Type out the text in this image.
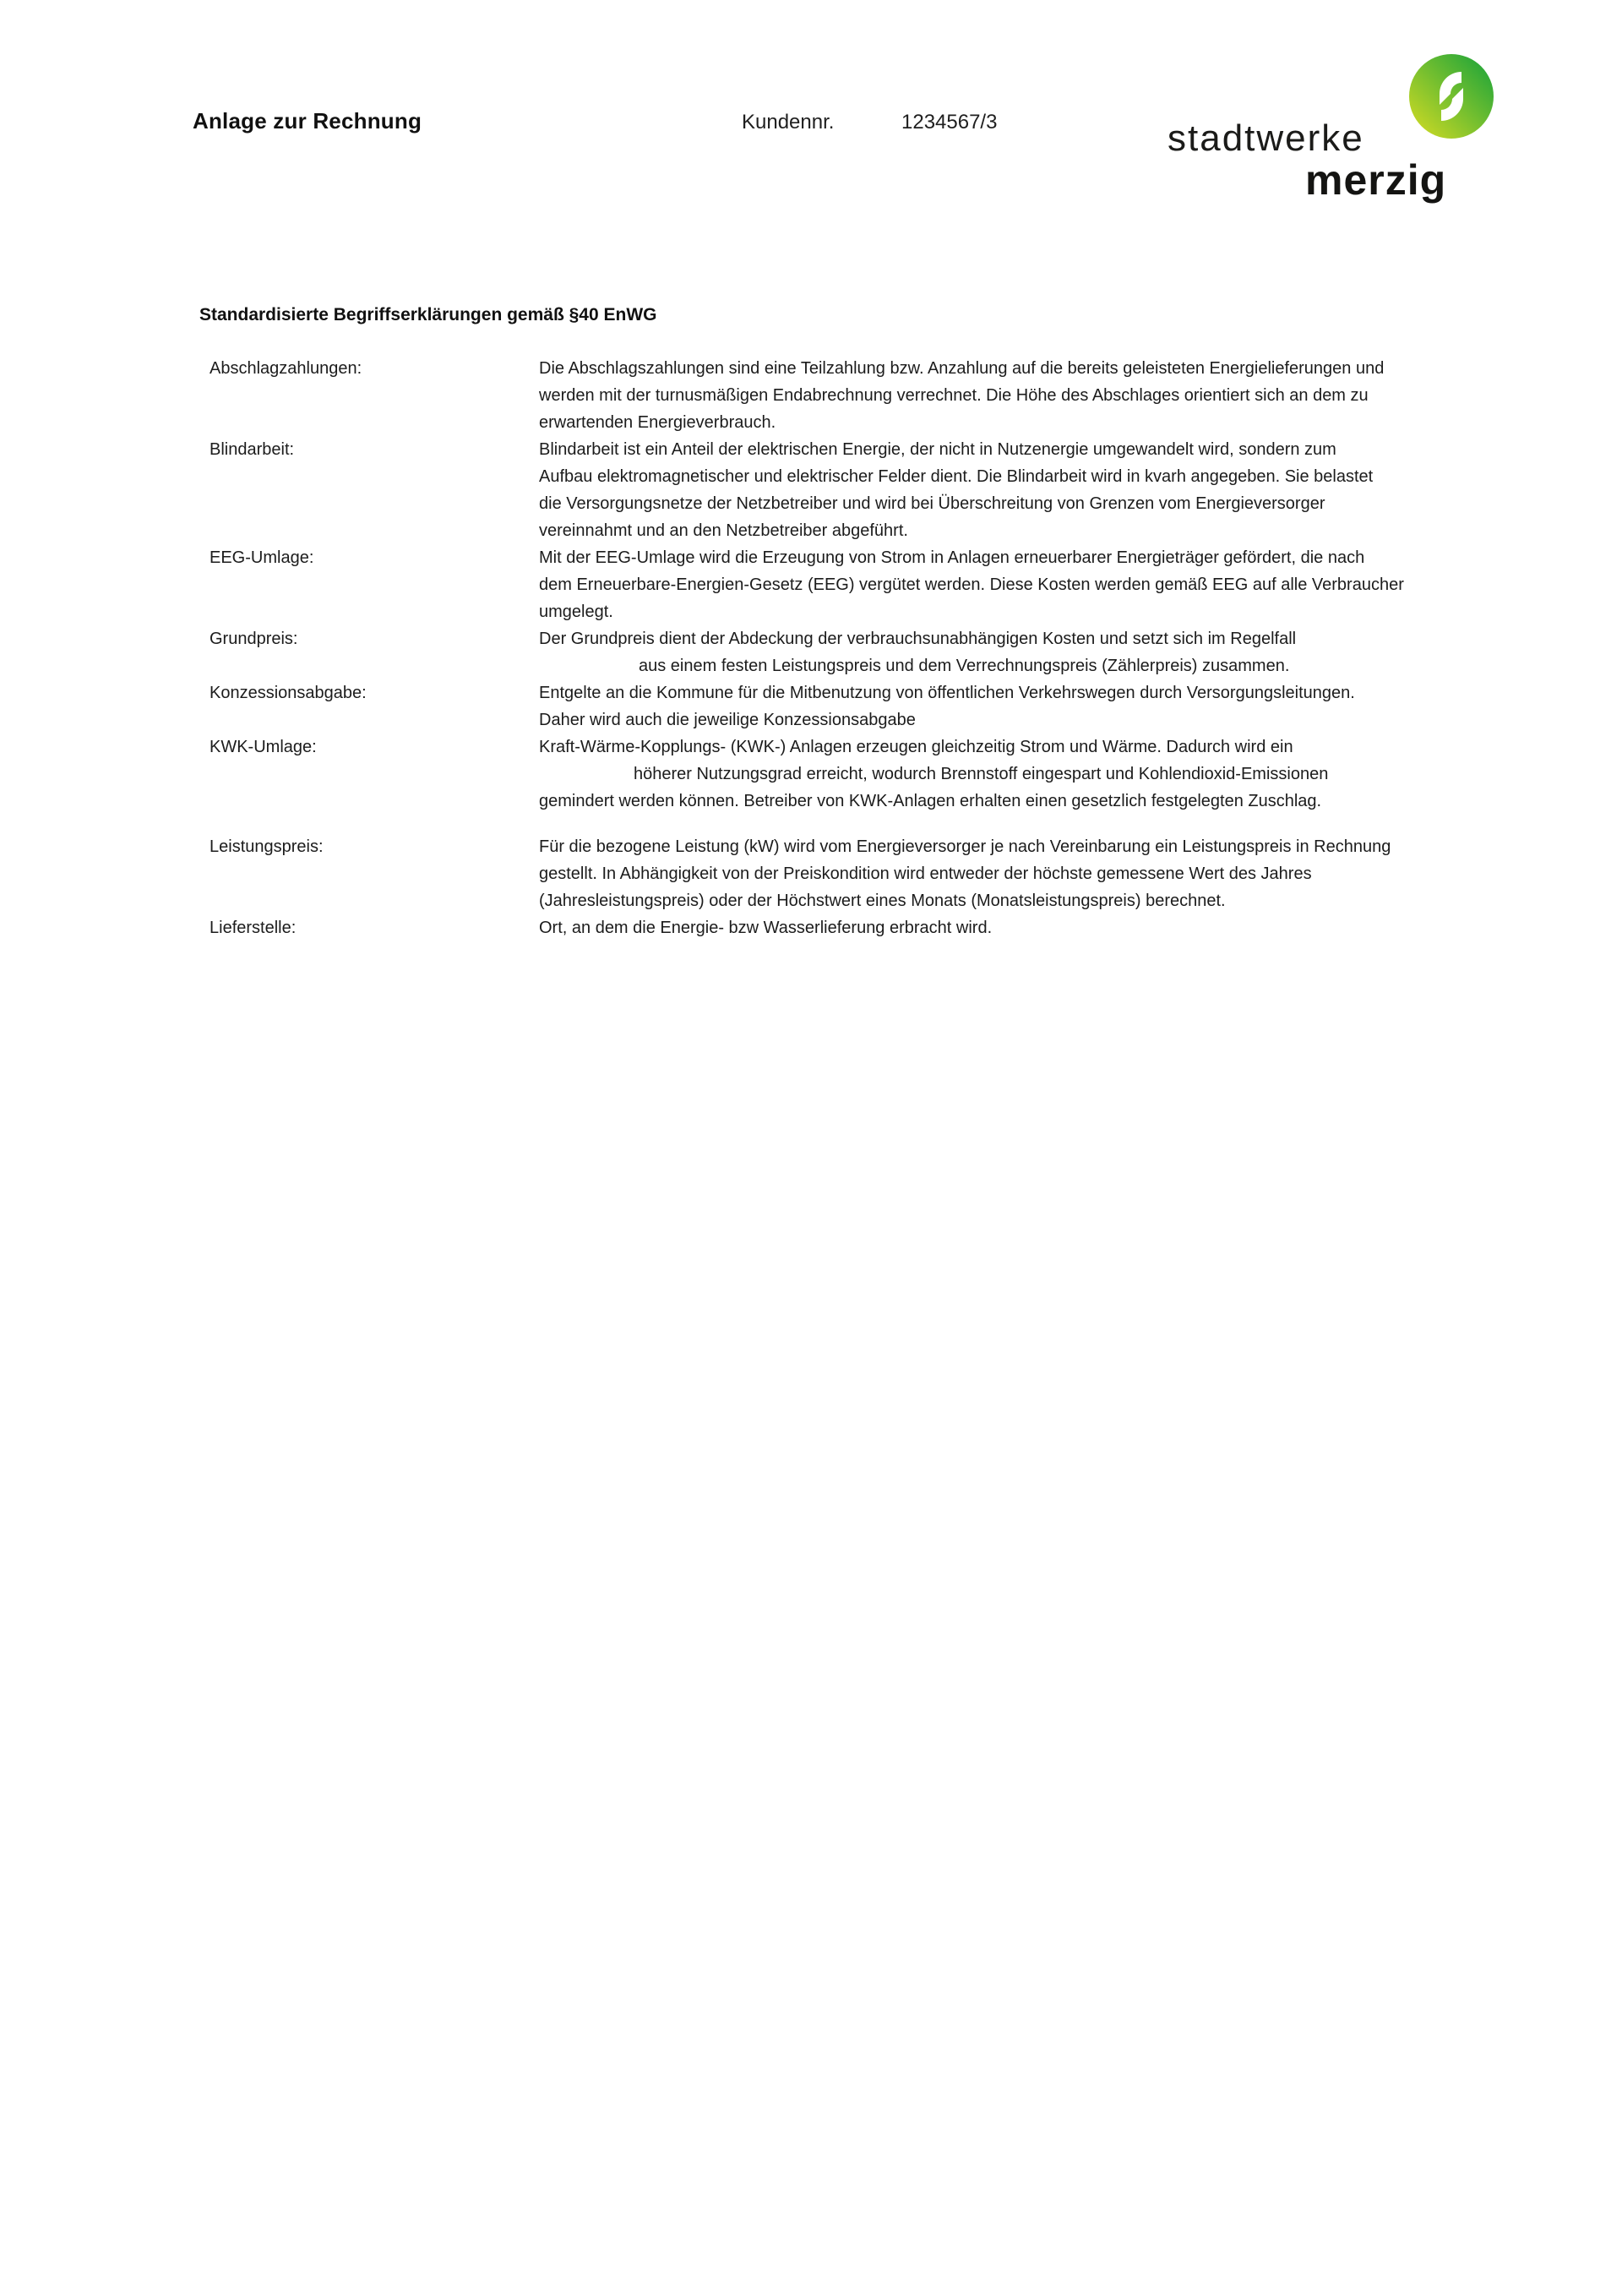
Anlage zur Rechnung	Kundennr.	1234567/3	stadtwerke
merzig
Standardisierte Begriffserklärungen gemäß §40 EnWG
Abschlagzahlungen:	Die Abschlagszahlungen sind eine Teilzahlung bzw. Anzahlung auf die bereits geleisteten Energielieferungen und
werden mit der turnusmäßigen Endabrechnung verrechnet. Die Höhe des Abschlages orientiert sich an dem zu
erwartenden Energieverbrauch.
Blindarbeit:	Blindarbeit ist ein Anteil der elektrischen Energie, der nicht in Nutzenergie umgewandelt wird, sondern zum
Aufbau elektromagnetischer und elektrischer Felder dient. Die Blindarbeit wird in kvarh angegeben. Sie belastet
die Versorgungsnetze der Netzbetreiber und wird bei Überschreitung von Grenzen vom Energieversorger
vereinnahmt und an den Netzbetreiber abgeführt.
EEG-Umlage:	Mit der EEG-Umlage wird die Erzeugung von Strom in Anlagen erneuerbarer Energieträger gefördert, die nach
dem Erneuerbare-Energien-Gesetz (EEG) vergütet werden. Diese Kosten werden gemäß EEG auf alle Verbraucher
umgelegt.
Grundpreis:	Der Grundpreis dient der Abdeckung der verbrauchsunabhängigen Kosten und setzt sich im Regelfall
aus einem festen Leistungspreis und dem Verrechnungspreis (Zählerpreis) zusammen.
Konzessionsabgabe:	Entgelte an die Kommune für die Mitbenutzung von öffentlichen Verkehrswegen durch Versorgungsleitungen.
Daher wird auch die jeweilige Konzessionsabgabe
KWK-Umlage:	Kraft-Wärme-Kopplungs- (KWK-) Anlagen erzeugen gleichzeitig Strom und Wärme. Dadurch wird ein
höherer Nutzungsgrad erreicht, wodurch Brennstoff eingespart und Kohlendioxid-Emissionen
gemindert werden können. Betreiber von KWK-Anlagen erhalten einen gesetzlich festgelegten Zuschlag.
Leistungspreis:	Für die bezogene Leistung (kW) wird vom Energieversorger je nach Vereinbarung ein Leistungspreis in Rechnung
gestellt. In Abhängigkeit von der Preiskondition wird entweder der höchste gemessene Wert des Jahres
(Jahresleistungspreis) oder der Höchstwert eines Monats (Monatsleistungspreis) berechnet.
Lieferstelle:	Ort, an dem die Energie- bzw Wasserlieferung erbracht wird.
